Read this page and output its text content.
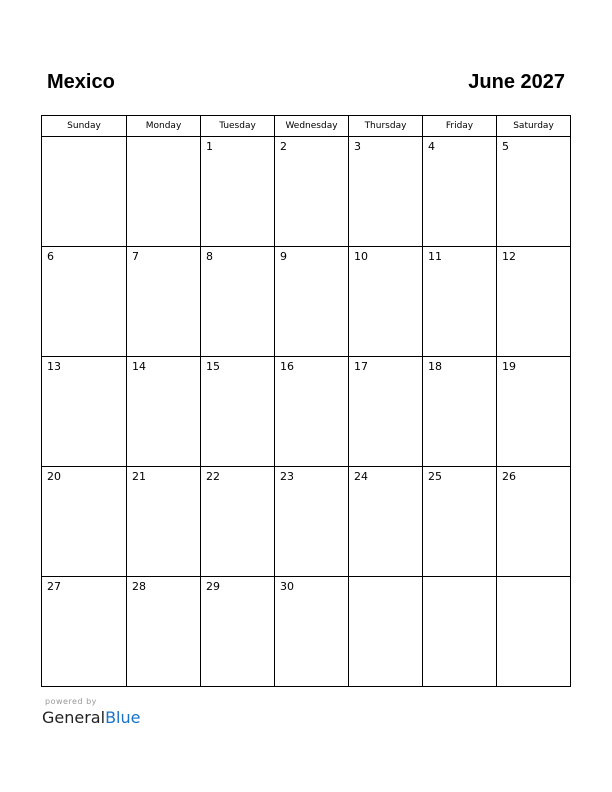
Mexico	June 2027
Sunday	Monday	Tuesday	Wednesday	Thursday	Friday	Saturday

		1	2	3	4	5

6	7	8	9	10	11	12

13	14	15	16	17	18	19

20	21	22	23	24	25	26

27	28	29	30			

powered by
GeneralBlue
